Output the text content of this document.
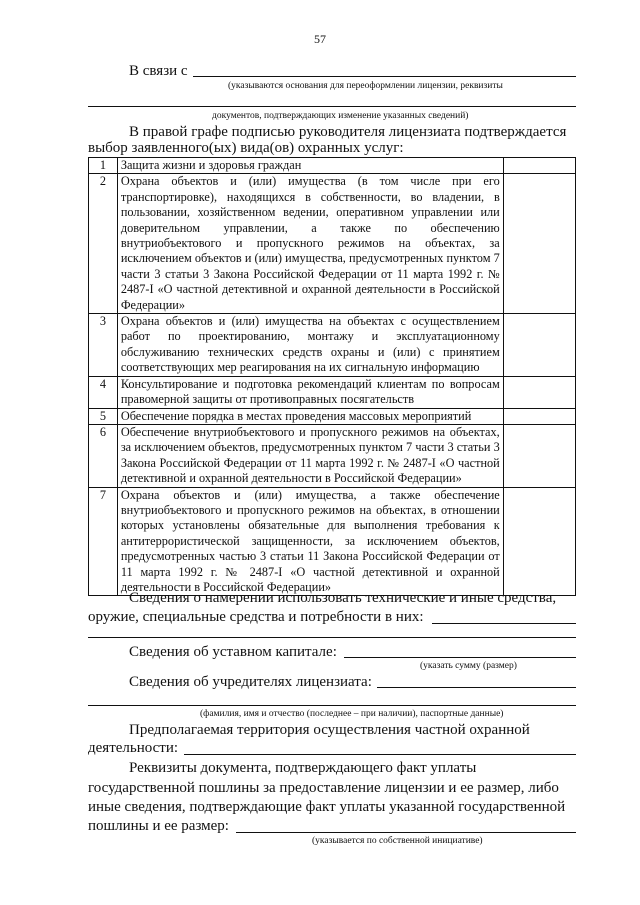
57
В связи с
(указываются основания для переоформлении лицензии, реквизиты
документов, подтверждающих изменение указанных сведений)
В правой графе подписью руководителя лицензиата подтверждается
выбор заявленного(ых) вида(ов) охранных услуг:
1	Защита жизни и здоровья граждан	
2	Охрана объектов и (или) имущества (в том числе при его транспортировке), находящихся в собственности, во владении, в пользовании, хозяйственном ведении, оперативном управлении или доверительном управлении, а также по обеспечению внутриобъектового и пропускного режимов на объектах, за исключением объектов и (или) имущества, предусмотренных пунктом 7 части 3 статьи 3 Закона Российской Федерации от 11 марта 1992 г. № 2487-I «О частной детективной и охранной деятельности в Российской Федерации»	
3	Охрана объектов и (или) имущества на объектах с осуществлением работ по проектированию, монтажу и эксплуатационному обслуживанию технических средств охраны и (или) с принятием соответствующих мер реагирования на их сигнальную информацию	
4	Консультирование и подготовка рекомендаций клиентам по вопросам правомерной защиты от противоправных посягательств	
5	Обеспечение порядка в местах проведения массовых мероприятий	
6	Обеспечение внутриобъектового и пропускного режимов на объектах, за исключением объектов, предусмотренных пунктом 7 части 3 статьи 3 Закона Российской Федерации от 11 марта 1992 г. № 2487-I «О частной детективной и охранной деятельности в Российской Федерации»	
7	Охрана объектов и (или) имущества, а также обеспечение внутриобъектового и пропускного режимов на объектах, в отношении которых установлены обязательные для выполнения требования к антитеррористической защищенности, за исключением объектов, предусмотренных частью 3 статьи 11 Закона Российской Федерации от 11 марта 1992 г. № 2487-I «О частной детективной и охранной деятельности в Российской Федерации»	
Сведения о намерении использовать технические и иные средства,
оружие, специальные средства и потребности в них:
Сведения об уставном капитале:
(указать сумму (размер)
Сведения об учредителях лицензиата:
(фамилия, имя и отчество (последнее – при наличии), паспортные данные)
Предполагаемая территория осуществления частной охранной
деятельности:
Реквизиты документа, подтверждающего факт уплаты
государственной пошлины за предоставление лицензии и ее размер, либо
иные сведения, подтверждающие факт уплаты указанной государственной
пошлины и ее размер:
(указывается по собственной инициативе)
